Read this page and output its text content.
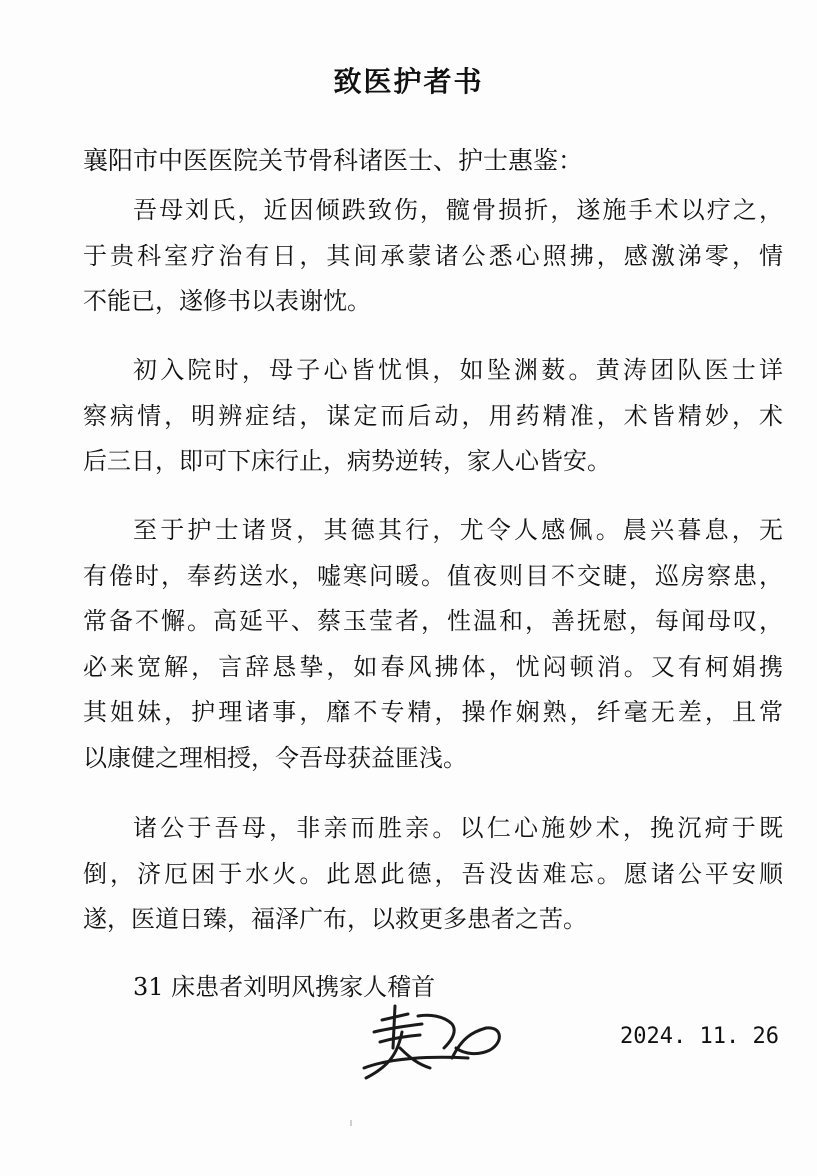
致医护者书
襄阳市中医医院关节骨科诸医士、护士惠鉴：
吾母刘氏，近因倾跌致伤，髋骨损折，遂施手术以疗之，
于贵科室疗治有日，其间承蒙诸公悉心照拂，感激涕零，情
不能已，遂修书以表谢忱。
初入院时，母子心皆忧惧，如坠渊薮。黄涛团队医士详
察病情，明辨症结，谋定而后动，用药精准，术皆精妙，术
后三日，即可下床行止，病势逆转，家人心皆安。
至于护士诸贤，其德其行，尤令人感佩。晨兴暮息，无
有倦时，奉药送水，嘘寒问暖。值夜则目不交睫，巡房察患，
常备不懈。高延平、蔡玉莹者，性温和，善抚慰，每闻母叹，
必来宽解，言辞恳挚，如春风拂体，忧闷顿消。又有柯娟携
其姐妹，护理诸事，靡不专精，操作娴熟，纤毫无差，且常
以康健之理相授，令吾母获益匪浅。
诸公于吾母，非亲而胜亲。以仁心施妙术，挽沉疴于既
倒，济厄困于水火。此恩此德，吾没齿难忘。愿诸公平安顺
遂，医道日臻，福泽广布，以救更多患者之苦。
31 床患者刘明风携家人稽首
2024. 11. 26
